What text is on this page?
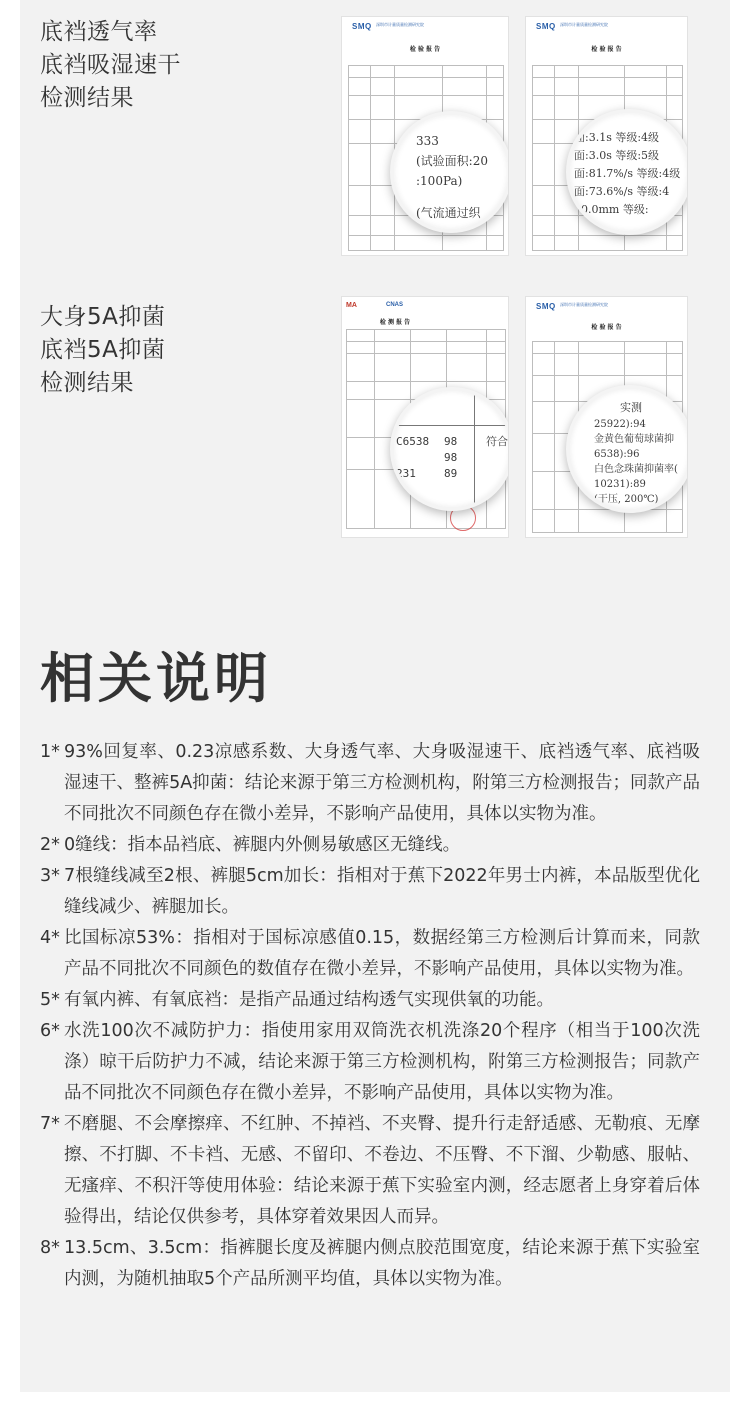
底裆透气率
底裆吸湿速干
检测结果
SMQ 深圳市计量质量检测研究院
检 验 报 告
333
(试验面积:20
:100Pa)
(气流通过织
SMQ 深圳市计量质量检测研究院
检 验 报 告
面:3.1s 等级:4级
面:3.0s 等级:5级
面:81.7%/s 等级:4级
面:73.6%/s 等级:4
20.0mm 等级:
大身5A抑菌
底裆5A抑菌
检测结果
MA	CNAS
检 测 报 告
C6538 98	符合
98
231	89
SMQ 深圳市计量质量检测研究院
检 验 报 告
实测
25922):94
金黄色葡萄球菌抑
6538):96
白色念珠菌抑菌率(
10231):89
(干压, 200℃)
相关说明
1* 93%回复率、0.23凉感系数、大身透气率、大身吸湿速干、底裆透气率、底裆吸湿速干、整裤5A抑菌：结论来源于第三方检测机构，附第三方检测报告；同款产品不同批次不同颜色存在微小差异，不影响产品使用，具体以实物为准。
2* 0缝线：指本品裆底、裤腿内外侧易敏感区无缝线。
3* 7根缝线减至2根、裤腿5cm加长：指相对于蕉下2022年男士内裤，本品版型优化缝线减少、裤腿加长。
4* 比国标凉53%：指相对于国标凉感值0.15，数据经第三方检测后计算而来，同款产品不同批次不同颜色的数值存在微小差异，不影响产品使用，具体以实物为准。
5* 有氧内裤、有氧底裆：是指产品通过结构透气实现供氧的功能。
6* 水洗100次不减防护力：指使用家用双筒洗衣机洗涤20个程序（相当于100次洗涤）晾干后防护力不减，结论来源于第三方检测机构，附第三方检测报告；同款产品不同批次不同颜色存在微小差异，不影响产品使用，具体以实物为准。
7* 不磨腿、不会摩擦痒、不红肿、不掉裆、不夹臀、提升行走舒适感、无勒痕、无摩擦、不打脚、不卡裆、无感、不留印、不卷边、不压臀、不下溜、少勒感、服帖、无瘙痒、不积汗等使用体验：结论来源于蕉下实验室内测，经志愿者上身穿着后体验得出，结论仅供参考，具体穿着效果因人而异。
8* 13.5cm、3.5cm：指裤腿长度及裤腿内侧点胶范围宽度，结论来源于蕉下实验室内测，为随机抽取5个产品所测平均值，具体以实物为准。
